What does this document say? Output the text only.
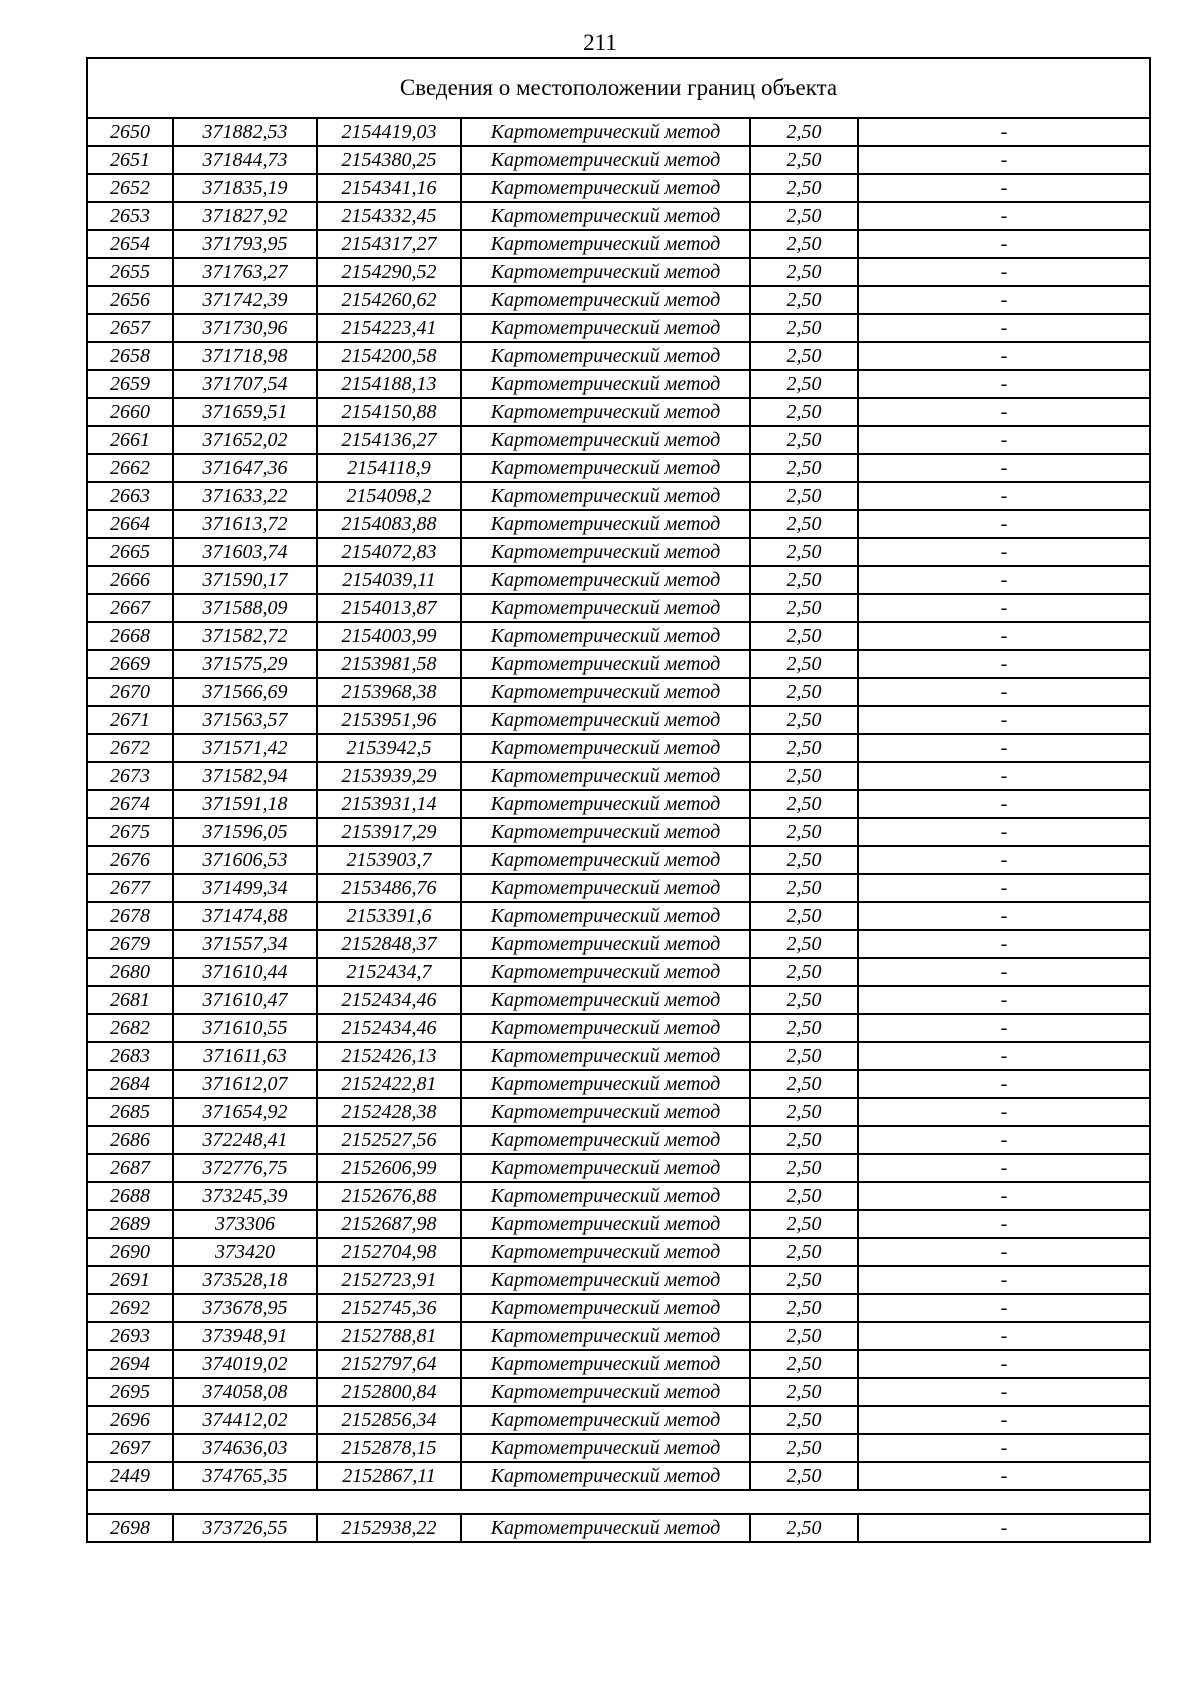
211
Сведения о местоположении границ объекта					
2650	371882,53	2154419,03	Картометрический метод	2,50	-
2651	371844,73	2154380,25	Картометрический метод	2,50	-
2652	371835,19	2154341,16	Картометрический метод	2,50	-
2653	371827,92	2154332,45	Картометрический метод	2,50	-
2654	371793,95	2154317,27	Картометрический метод	2,50	-
2655	371763,27	2154290,52	Картометрический метод	2,50	-
2656	371742,39	2154260,62	Картометрический метод	2,50	-
2657	371730,96	2154223,41	Картометрический метод	2,50	-
2658	371718,98	2154200,58	Картометрический метод	2,50	-
2659	371707,54	2154188,13	Картометрический метод	2,50	-
2660	371659,51	2154150,88	Картометрический метод	2,50	-
2661	371652,02	2154136,27	Картометрический метод	2,50	-
2662	371647,36	2154118,9	Картометрический метод	2,50	-
2663	371633,22	2154098,2	Картометрический метод	2,50	-
2664	371613,72	2154083,88	Картометрический метод	2,50	-
2665	371603,74	2154072,83	Картометрический метод	2,50	-
2666	371590,17	2154039,11	Картометрический метод	2,50	-
2667	371588,09	2154013,87	Картометрический метод	2,50	-
2668	371582,72	2154003,99	Картометрический метод	2,50	-
2669	371575,29	2153981,58	Картометрический метод	2,50	-
2670	371566,69	2153968,38	Картометрический метод	2,50	-
2671	371563,57	2153951,96	Картометрический метод	2,50	-
2672	371571,42	2153942,5	Картометрический метод	2,50	-
2673	371582,94	2153939,29	Картометрический метод	2,50	-
2674	371591,18	2153931,14	Картометрический метод	2,50	-
2675	371596,05	2153917,29	Картометрический метод	2,50	-
2676	371606,53	2153903,7	Картометрический метод	2,50	-
2677	371499,34	2153486,76	Картометрический метод	2,50	-
2678	371474,88	2153391,6	Картометрический метод	2,50	-
2679	371557,34	2152848,37	Картометрический метод	2,50	-
2680	371610,44	2152434,7	Картометрический метод	2,50	-
2681	371610,47	2152434,46	Картометрический метод	2,50	-
2682	371610,55	2152434,46	Картометрический метод	2,50	-
2683	371611,63	2152426,13	Картометрический метод	2,50	-
2684	371612,07	2152422,81	Картометрический метод	2,50	-
2685	371654,92	2152428,38	Картометрический метод	2,50	-
2686	372248,41	2152527,56	Картометрический метод	2,50	-
2687	372776,75	2152606,99	Картометрический метод	2,50	-
2688	373245,39	2152676,88	Картометрический метод	2,50	-
2689	373306	2152687,98	Картометрический метод	2,50	-
2690	373420	2152704,98	Картометрический метод	2,50	-
2691	373528,18	2152723,91	Картометрический метод	2,50	-
2692	373678,95	2152745,36	Картометрический метод	2,50	-
2693	373948,91	2152788,81	Картометрический метод	2,50	-
2694	374019,02	2152797,64	Картометрический метод	2,50	-
2695	374058,08	2152800,84	Картометрический метод	2,50	-
2696	374412,02	2152856,34	Картометрический метод	2,50	-
2697	374636,03	2152878,15	Картометрический метод	2,50	-
2449	374765,35	2152867,11	Картометрический метод	2,50	-

2698	373726,55	2152938,22	Картометрический метод	2,50	-
